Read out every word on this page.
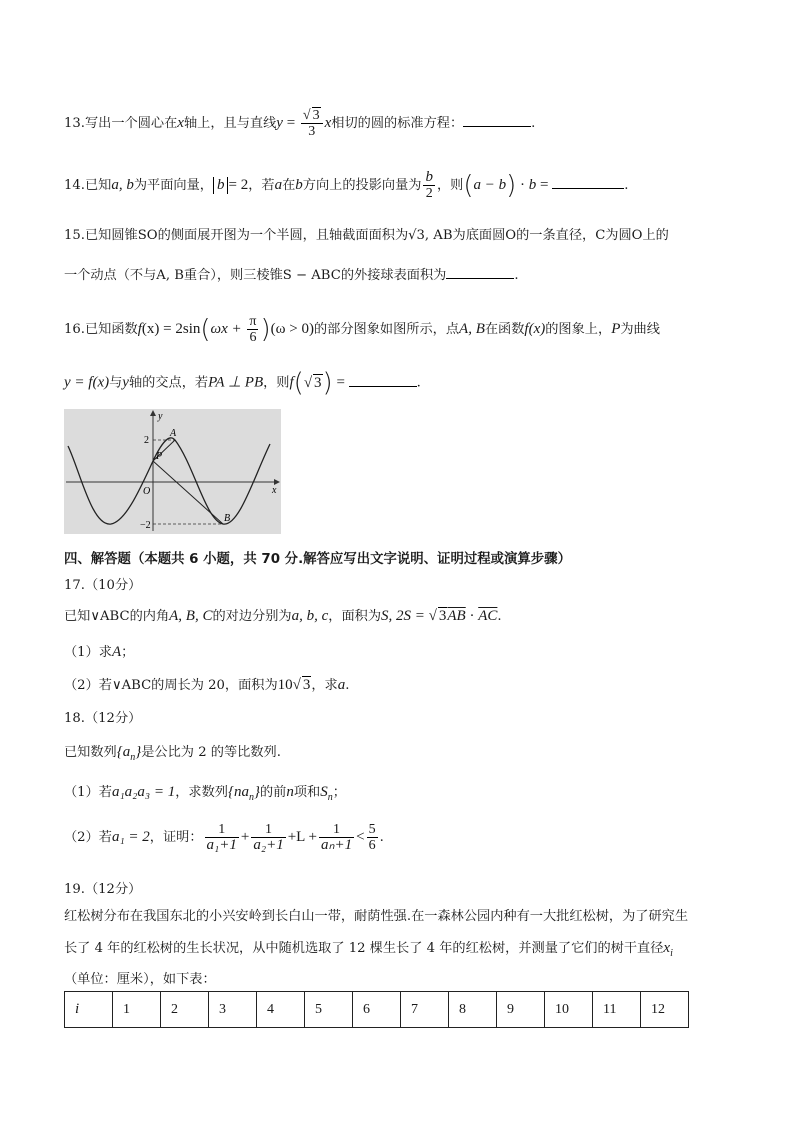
13.写出一个圆心在x轴上，且与直线$y = \frac{√ 3}{3}$ x相切的圆的标准方程：	.
14.已知a, b为平面向量， b = 2，若a在b方向上的投影向量为 $\frac{b}{2}$ ，则(a − b) · b =	.
15.已知圆锥SO的侧面展开图为一个半圆，且轴截面面积为√3, AB为底面圆O的一条直径，C为圆O上的
一个动点（不与A, B重合），则三棱锥S − ABC的外接球表面积为	.
16.已知函数$f(x) = 2\sin(\omega x + \frac{\pi}{6} )(\omega > 0)$的部分图象如图所示，点A, B在函数f(x)的图象上，P为曲线
y = f(x)与y轴的交点，若PA ⊥ PB，则f(√ 3) =	.
y
x
A
B
P
O
2
−2
四、解答题（本题共 6 小题，共 70 分.解答应写出文字说明、证明过程或演算步骤）
17.（10分）
已知∨ABC的内角A, B, C的对边分别为a, b, c，面积为S, 2S = √ $3\overline{AB} \cdot \overline{AC}$.
（1）求A；
（2）若∨ABC的周长为 20，面积为10√ 3，求a.
18.（12分）
已知数列$\{a_n\}$是公比为 2 的等比数列.
（1）若a₁a₂a₃ = 1，求数列$\{na_n\}$的前n项和$S_n$；
（2）若a₁ = 2，证明： $\frac{1}{\text{a₁+1}} + \frac{1}{\text{a₂+1}} +L + \frac{1}{\text{aₙ+1}} < \frac{5}{6}$ .
19.（12分）
红松树分布在我国东北的小兴安岭到长白山一带，耐荫性强.在一森林公园内种有一大批红松树，为了研究生
长了 4 年的红松树的生长状况，从中随机选取了 12 棵生长了 4 年的红松树，并测量了它们的树干直径$x_i$
（单位：厘米），如下表：
i	1	2	3	4	5	6	7	8	9	10	11	12
